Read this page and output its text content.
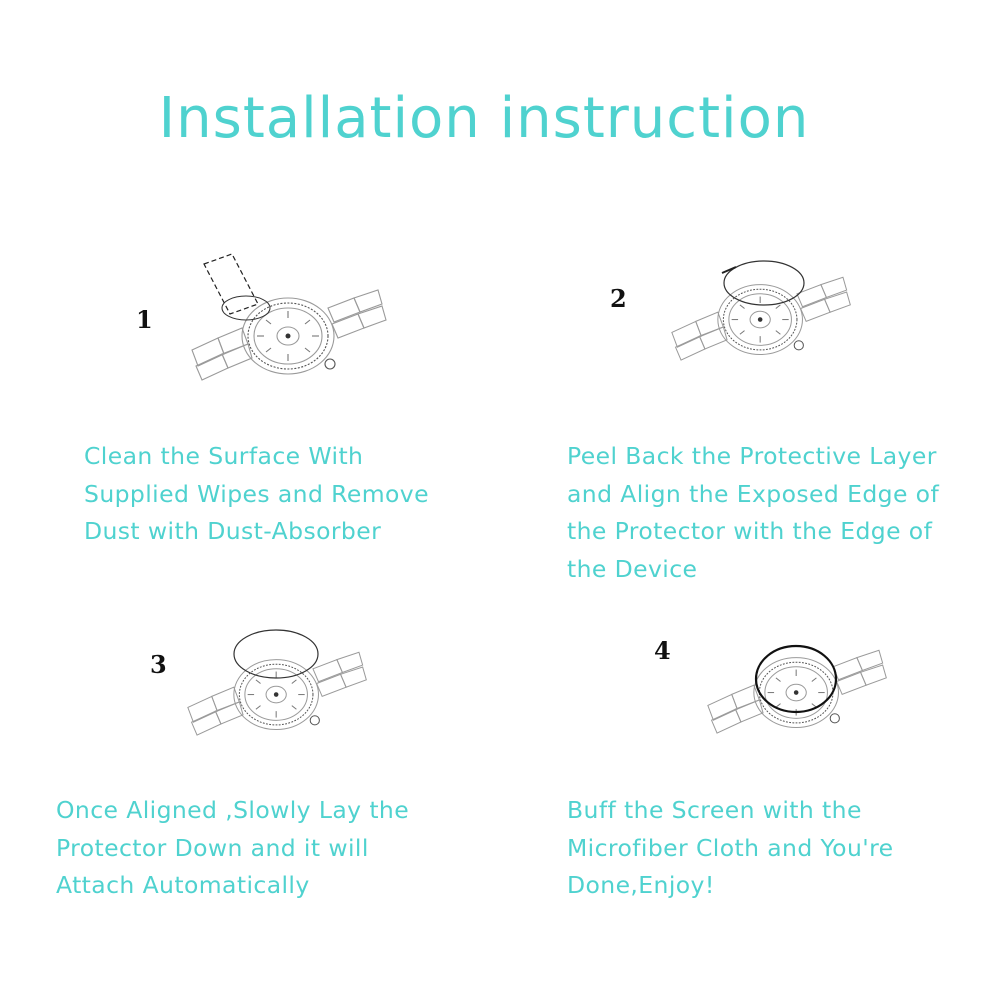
Installation instruction
1
Clean the Surface With
Supplied Wipes and Remove
Dust with Dust-Absorber
2
Peel Back the Protective Layer
and Align the Exposed Edge of
the Protector with the Edge of
the Device
3
Once Aligned ,Slowly Lay the
Protector Down and it will
Attach Automatically
4
Buff the Screen with the
Microfiber Cloth and You're
Done,Enjoy!
